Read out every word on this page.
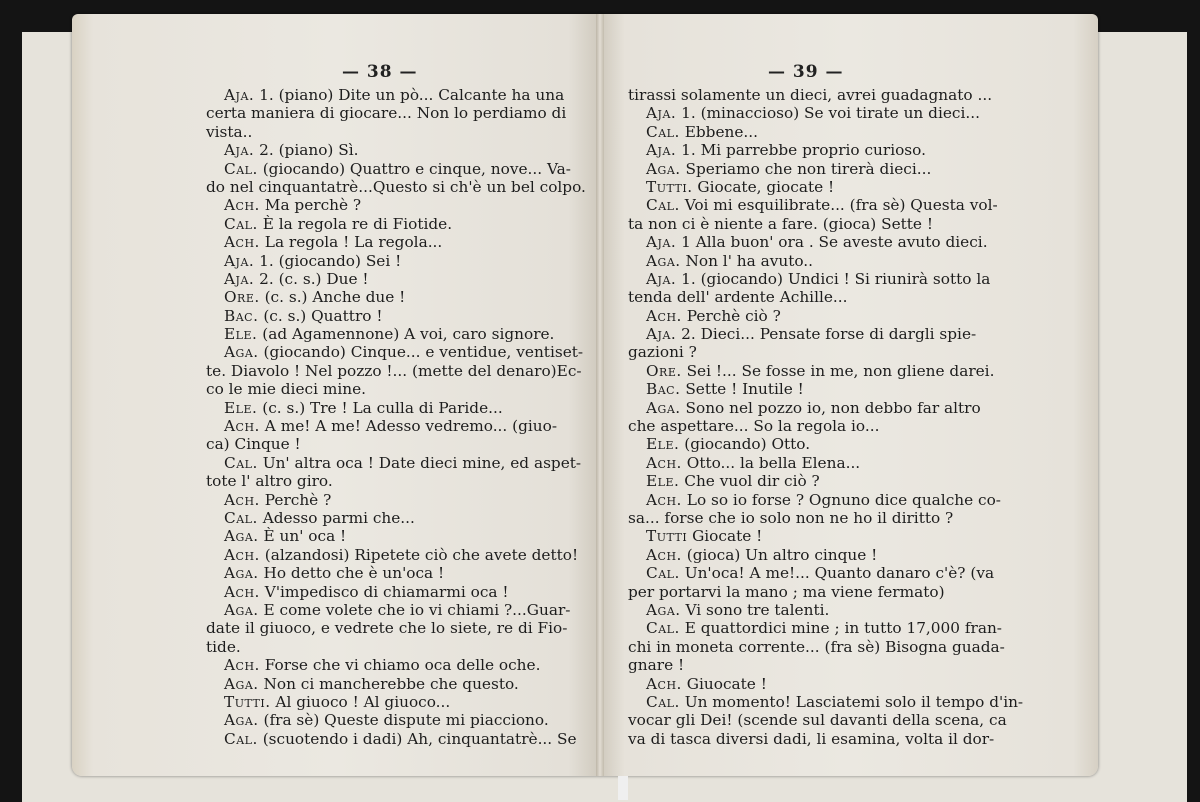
— 38 —
Aja. 1. (piano) Dite un pò... Calcante ha una
certa maniera di giocare... Non lo perdiamo di
vista..
Aja. 2. (piano) Sì.
Cal. (giocando) Quattro e cinque, nove... Va-
do nel cinquantatrè...Questo si ch'è un bel colpo.
Ach. Ma perchè ?
Cal. È la regola re di Fiotide.
Ach. La regola ! La regola...
Aja. 1. (giocando) Sei !
Aja. 2. (c. s.) Due !
Ore. (c. s.) Anche due !
Bac. (c. s.) Quattro !
Ele. (ad Agamennone) A voi, caro signore.
Aga. (giocando) Cinque... e ventidue, ventiset-
te. Diavolo ! Nel pozzo !... (mette del denaro)Ec-
co le mie dieci mine.
Ele. (c. s.) Tre ! La culla di Paride...
Ach. A me! A me! Adesso vedremo... (giuo-
ca) Cinque !
Cal. Un' altra oca ! Date dieci mine, ed aspet-
tote l' altro giro.
Ach. Perchè ?
Cal. Adesso parmi che...
Aga. È un' oca !
Ach. (alzandosi) Ripetete ciò che avete detto!
Aga. Ho detto che è un'oca !
Ach. V'impedisco di chiamarmi oca !
Aga. E come volete che io vi chiami ?...Guar-
date il giuoco, e vedrete che lo siete, re di Fio-
tide.
Ach. Forse che vi chiamo oca delle oche.
Aga. Non ci mancherebbe che questo.
Tutti. Al giuoco ! Al giuoco...
Aga. (fra sè) Queste dispute mi piacciono.
Cal. (scuotendo i dadi) Ah, cinquantatrè... Se
— 39 —
tirassi solamente un dieci, avrei guadagnato ...
Aja. 1. (minaccioso) Se voi tirate un dieci...
Cal. Ebbene...
Aja. 1. Mi parrebbe proprio curioso.
Aga. Speriamo che non tirerà dieci...
Tutti. Giocate, giocate !
Cal. Voi mi esquilibrate... (fra sè) Questa vol-
ta non ci è niente a fare. (gioca) Sette !
Aja. 1 Alla buon' ora . Se aveste avuto dieci.
Aga. Non l' ha avuto..
Aja. 1. (giocando) Undici ! Si riunirà sotto la
tenda dell' ardente Achille...
Ach. Perchè ciò ?
Aja. 2. Dieci... Pensate forse di dargli spie-
gazioni ?
Ore. Sei !... Se fosse in me, non gliene darei.
Bac. Sette ! Inutile !
Aga. Sono nel pozzo io, non debbo far altro
che aspettare... So la regola io...
Ele. (giocando) Otto.
Ach. Otto... la bella Elena...
Ele. Che vuol dir ciò ?
Ach. Lo so io forse ? Ognuno dice qualche co-
sa... forse che io solo non ne ho il diritto ?
Tutti Giocate !
Ach. (gioca) Un altro cinque !
Cal. Un'oca! A me!... Quanto danaro c'è? (va
per portarvi la mano ; ma viene fermato)
Aga. Vi sono tre talenti.
Cal. E quattordici mine ; in tutto 17,000 fran-
chi in moneta corrente... (fra sè) Bisogna guada-
gnare !
Ach. Giuocate !
Cal. Un momento! Lasciatemi solo il tempo d'in-
vocar gli Dei! (scende sul davanti della scena, ca
va di tasca diversi dadi, li esamina, volta il dor-
